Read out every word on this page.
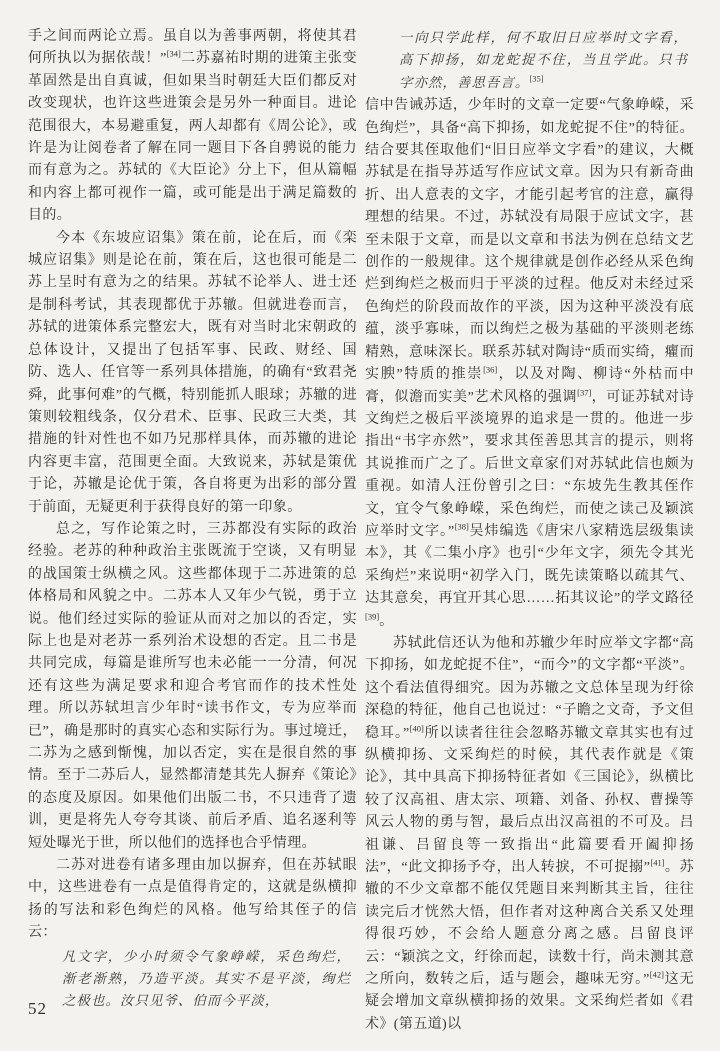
手之间而两论立焉。虽自以为善事两朝，将使其君何所执以为据依哉！”[34]二苏嘉祐时期的进策主张变革固然是出自真诚，但如果当时朝廷大臣们都反对改变现状，也许这些进策会是另外一种面目。进论范围很大，本易避重复，两人却都有《周公论》，或许是为让阅卷者了解在同一题目下各自骋说的能力而有意为之。苏轼的《大臣论》分上下，但从篇幅和内容上都可视作一篇，或可能是出于满足篇数的目的。
今本《东坡应诏集》策在前，论在后，而《栾城应诏集》则是论在前，策在后，这也很可能是二苏上呈时有意为之的结果。苏轼不论举人、进士还是制科考试，其表现都优于苏辙。但就进卷而言，苏轼的进策体系完整宏大，既有对当时北宋朝政的总体设计，又提出了包括军事、民政、财经、国防、选人、任官等一系列具体措施，的确有“致君尧舜，此事何难”的气概，特别能抓人眼球；苏辙的进策则较粗线条，仅分君术、臣事、民政三大类，其措施的针对性也不如乃兄那样具体，而苏辙的进论内容更丰富，范围更全面。大致说来，苏轼是策优于论，苏辙是论优于策，各自将更为出彩的部分置于前面，无疑更利于获得良好的第一印象。
总之，写作论策之时，三苏都没有实际的政治经验。老苏的种种政治主张既流于空谈，又有明显的战国策士纵横之风。这些都体现于二苏进策的总体格局和风貌之中。二苏本人又年少气锐，勇于立说。他们经过实际的验证从而对之加以的否定，实际上也是对老苏一系列治术设想的否定。且二书是共同完成，每篇是谁所写也未必能一一分清，何况还有这些为满足要求和迎合考官而作的技术性处理。所以苏轼坦言少年时“读书作文，专为应举而已”，确是那时的真实心态和实际行为。事过境迁，二苏为之感到惭愧，加以否定，实在是很自然的事情。至于二苏后人，显然都清楚其先人摒弃《策论》的态度及原因。如果他们出版二书，不只违背了遗训，更是将先人夸夸其谈、前后矛盾、追名逐利等短处曝光于世，所以他们的选择也合乎情理。
二苏对进卷有诸多理由加以摒弃，但在苏轼眼中，这些进卷有一点是值得肯定的，这就是纵横抑扬的写法和彩色绚烂的风格。他写给其侄子的信云：
凡文字，少小时须令气象峥嵘，采色绚烂，渐老渐熟，乃造平淡。其实不是平淡，绚烂之极也。汝只见爷、伯而今平淡，
一向只学此样，何不取旧日应举时文字看，高下抑扬，如龙蛇捉不住，当且学此。只书字亦然，善思吾言。[35]
信中告诫苏适，少年时的文章一定要“气象峥嵘，采色绚烂”，具备“高下抑扬，如龙蛇捉不住”的特征。结合要其侄取他们“旧日应举文字看”的建议，大概苏轼是在指导苏适写作应试文章。因为只有新奇曲折、出人意表的文字，才能引起考官的注意，赢得理想的结果。不过，苏轼没有局限于应试文字，甚至未限于文章，而是以文章和书法为例在总结文艺创作的一般规律。这个规律就是创作必经从采色绚烂到绚烂之极而归于平淡的过程。他反对未经过采色绚烂的阶段而故作的平淡，因为这种平淡没有底蕴，淡乎寡味，而以绚烂之极为基础的平淡则老练精熟，意味深长。联系苏轼对陶诗“质而实绮，癯而实腴”特质的推崇[36]，以及对陶、柳诗“外枯而中膏，似澹而实美”艺术风格的强调[37]，可证苏轼对诗文绚烂之极后平淡境界的追求是一贯的。他进一步指出“书字亦然”，要求其侄善思其言的提示，则将其说推而广之了。后世文章家们对苏轼此信也颇为重视。如清人汪份曾引之曰：“东坡先生教其侄作文，宜令气象峥嵘，采色绚烂，而使之读己及颖滨应举时文字。”[38]吴炜编选《唐宋八家精选层级集读本》，其《二集小序》也引“少年文字，须先令其光采绚烂”来说明“初学入门，既先读策略以疏其气、达其意矣，再宜开其心思……拓其议论”的学文路径[39]。
苏轼此信还认为他和苏辙少年时应举文字都“高下抑扬，如龙蛇捉不住”，“而今”的文字都“平淡”。这个看法值得细究。因为苏辙之文总体呈现为纡徐深稳的特征，他自己也说过：“子瞻之文奇，予文但稳耳。”[40]所以读者往往会忽略苏辙文章其实也有过纵横抑扬、文采绚烂的时候，其代表作就是《策论》，其中具高下抑扬特征者如《三国论》，纵横比较了汉高祖、唐太宗、项籍、刘备、孙权、曹操等风云人物的勇与智，最后点出汉高祖的不可及。吕祖谦、吕留良等一致指出“此篇要看开阖抑扬法”，“此文抑扬予夺，出人转捩，不可捉搦”[41]。苏辙的不少文章都不能仅凭题目来判断其主旨，往往读完后才恍然大悟，但作者对这种离合关系又处理得很巧妙，不会给人题意分离之感。吕留良评云：“颖滨之文，纡徐而起，读数十行，尚未测其意之所向，数转之后，适与题会，趣味无穷。”[42]这无疑会增加文章纵横抑扬的效果。文采绚烂者如《君术》(第五道)以
52
